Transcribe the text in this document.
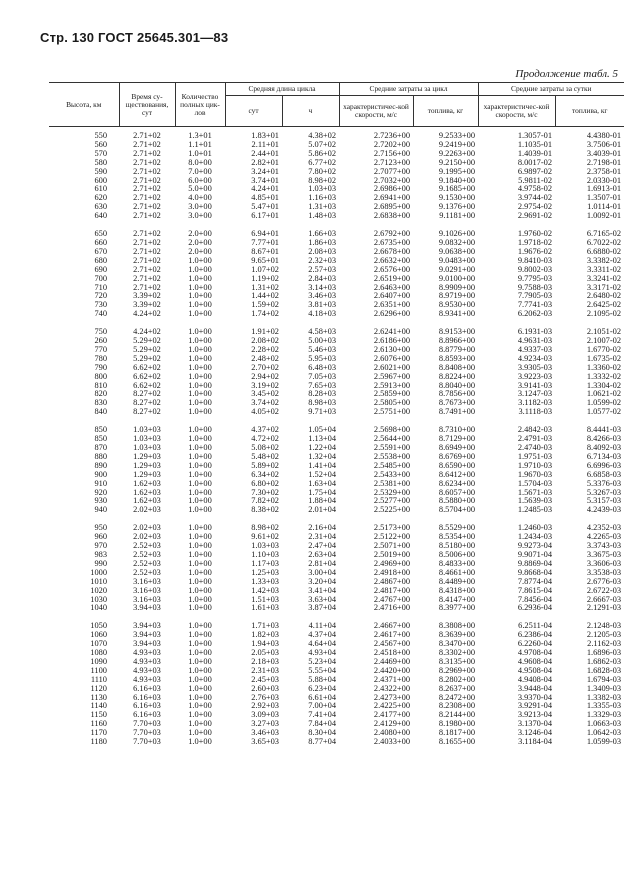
Стр. 130 ГОСТ 25645.301—83
Продолжение табл. 5
Высота, км	Время су-ществования, сут	Количество полных цик-лов	Средняя длина цикла		Средние затраты за цикл		Средние затраты за сутки	
			сут	ч	характеристичес-кой скорости, м/с	топлива, кг	характеристичес-кой скорости, м/с	топлива, кг
550	2.71+02	1.3+01	1.83+01	4.38+02	2.7236+00	9.2533+00	1.3057-01	4.4380-01
560	2.71+02	1.1+01	2.11+01	5.07+02	2.7202+00	9.2419+00	1.1035-01	3.7506-01
570	2.71+02	1.0+01	2.44+01	5.86+02	2.7156+00	9.2263+00	1.4039-01	3.4039-01
580	2.71+02	8.0+00	2.82+01	6.77+02	2.7123+00	9.2150+00	8.0017-02	2.7198-01
590	2.71+02	7.0+00	3.24+01	7.80+02	2.7077+00	9.1995+00	6.9897-02	2.3758-01
600	2.71+02	6.0+00	3.74+01	8.98+02	2.7032+00	9.1840+00	5.9811-02	2.0330-01
610	2.71+02	5.0+00	4.24+01	1.03+03	2.6986+00	9.1685+00	4.9758-02	1.6913-01
620	2.71+02	4.0+00	4.85+01	1.16+03	2.6941+00	9.1530+00	3.9744-02	1.3507-01
630	2.71+02	3.0+00	5.47+01	1.31+03	2.6895+00	9.1376+00	2.9754-02	1.0114-01
640	2.71+02	3.0+00	6.17+01	1.48+03	2.6838+00	9.1181+00	2.9691-02	1.0092-01
650	2.71+02	2.0+00	6.94+01	1.66+03	2.6792+00	9.1026+00	1.9760-02	6.7165-02
660	2.71+02	2.0+00	7.77+01	1.86+03	2.6735+00	9.0832+00	1.9718-02	6.7022-02
670	2.71+02	2.0+00	8.67+01	2.08+03	2.6678+00	9.0638+00	1.9676-02	6.6880-02
680	2.71+02	1.0+00	9.65+01	2.32+03	2.6632+00	9.0483+00	9.8410-03	3.3382-02
690	2.71+02	1.0+00	1.07+02	2.57+03	2.6576+00	9.0291+00	9.8002-03	3.3311-02
700	2.71+02	1.0+00	1.19+02	2.84+03	2.6519+00	9.0100+00	9.7795-03	3.3241-02
710	2.71+02	1.0+00	1.31+02	3.14+03	2.6463+00	8.9909+00	9.7588-03	3.3171-02
720	3.39+02	1.0+00	1.44+02	3.46+03	2.6407+00	8.9719+00	7.7905-03	2.6480-02
730	3.39+02	1.0+00	1.59+02	3.81+03	2.6351+00	8.9530+00	7.7741-03	2.6425-02
740	4.24+02	1.0+00	1.74+02	4.18+03	2.6296+00	8.9341+00	6.2062-03	2.1095-02
750	4.24+02	1.0+00	1.91+02	4.58+03	2.6241+00	8.9153+00	6.1931-03	2.1051-02
260	5.29+02	1.0+00	2.08+02	5.00+03	2.6186+00	8.8966+00	4.9631-03	2.1007-02
770	5.29+02	1.0+00	2.28+02	5.46+03	2.6130+00	8.8779+00	4.9337-03	1.6770-02
780	5.29+02	1.0+00	2.48+02	5.95+03	2.6076+00	8.8593+00	4.9234-03	1.6735-02
790	6.62+02	1.0+00	2.70+02	6.48+03	2.6021+00	8.8408+00	3.9305-03	1.3360-02
800	6.62+02	1.0+00	2.94+02	7.05+03	2.5967+00	8.8224+00	3.9223-03	1.3332-02
810	6.62+02	1.0+00	3.19+02	7.65+03	2.5913+00	8.8040+00	3.9141-03	1.3304-02
820	8.27+02	1.0+00	3.45+02	8.28+03	2.5859+00	8.7856+00	3.1247-03	1.0621-02
830	8.27+02	1.0+00	3.74+02	8.98+03	2.5805+00	8.7673+00	3.1182-03	1.0599-02
840	8.27+02	1.0+00	4.05+02	9.71+03	2.5751+00	8.7491+00	3.1118-03	1.0577-02
850	1.03+03	1.0+00	4.37+02	1.05+04	2.5698+00	8.7310+00	2.4842-03	8.4441-03
850	1.03+03	1.0+00	4.72+02	1.13+04	2.5644+00	8.7129+00	2.4791-03	8.4266-03
870	1.03+03	1.0+00	5.08+02	1.22+04	2.5591+00	8.6949+00	2.4740-03	8.4092-03
880	1.29+03	1.0+00	5.48+02	1.32+04	2.5538+00	8.6769+00	1.9751-03	6.7134-03
890	1.29+03	1.0+00	5.89+02	1.41+04	2.5485+00	8.6590+00	1.9710-03	6.6996-03
900	1.29+03	1.0+00	6.34+02	1.52+04	2.5433+00	8.6412+00	1.9670-03	6.6858-03
910	1.62+03	1.0+00	6.80+02	1.63+04	2.5381+00	8.6234+00	1.5704-03	5.3376-03
920	1.62+03	1.0+00	7.30+02	1.75+04	2.5329+00	8.6057+00	1.5671-03	5.3267-03
930	1.62+03	1.0+00	7.82+02	1.88+04	2.5277+00	8.5880+00	1.5639-03	5.3157-03
940	2.02+03	1.0+00	8.38+02	2.01+04	2.5225+00	8.5704+00	1.2485-03	4.2439-03
950	2.02+03	1.0+00	8.98+02	2.16+04	2.5173+00	8.5529+00	1.2460-03	4.2352-03
960	2.02+03	1.0+00	9.61+02	2.31+04	2.5122+00	8.5354+00	1.2434-03	4.2265-03
970	2.52+03	1.0+00	1.03+03	2.47+04	2.5071+00	8.5180+00	9.9273-04	3.3743-03
983	2.52+03	1.0+00	1.10+03	2.63+04	2.5019+00	8.5006+00	9.9071-04	3.3675-03
990	2.52+03	1.0+00	1.17+03	2.81+04	2.4969+00	8.4833+00	9.8869-04	3.3606-03
1000	2.52+03	1.0+00	1.25+03	3.00+04	2.4918+00	8.4661+00	9.8668-04	3.3538-03
1010	3.16+03	1.0+00	1.33+03	3.20+04	2.4867+00	8.4489+00	7.8774-04	2.6776-03
1020	3.16+03	1.0+00	1.42+03	3.41+04	2.4817+00	8.4318+00	7.8615-04	2.6722-03
1030	3.16+03	1.0+00	1.51+03	3.63+04	2.4767+00	8.4147+00	7.8456-04	2.6667-03
1040	3.94+03	1.0+00	1.61+03	3.87+04	2.4716+00	8.3977+00	6.2936-04	2.1291-03
1050	3.94+03	1.0+00	1.71+03	4.11+04	2.4667+00	8.3808+00	6.2511-04	2.1248-03
1060	3.94+03	1.0+00	1.82+03	4.37+04	2.4617+00	8.3639+00	6.2386-04	2.1205-03
1070	3.94+03	1.0+00	1.94+03	4.64+04	2.4567+00	8.3470+00	6.2260-04	2.1162-03
1080	4.93+03	1.0+00	2.05+03	4.93+04	2.4518+00	8.3302+00	4.9708-04	1.6896-03
1090	4.93+03	1.0+00	2.18+03	5.23+04	2.4469+00	8.3135+00	4.9608-04	1.6862-03
1100	4.93+03	1.0+00	2.31+03	5.55+04	2.4420+00	8.2969+00	4.9508-04	1.6828-03
1110	4.93+03	1.0+00	2.45+03	5.88+04	2.4371+00	8.2802+00	4.9408-04	1.6794-03
1120	6.16+03	1.0+00	2.60+03	6.23+04	2.4322+00	8.2637+00	3.9448-04	1.3409-03
1130	6.16+03	1.0+00	2.76+03	6.61+04	2.4273+00	8.2472+00	3.9370-04	1.3382-03
1140	6.16+03	1.0+00	2.92+03	7.00+04	2.4225+00	8.2308+00	3.9291-04	1.3355-03
1150	6.16+03	1.0+00	3.09+03	7.41+04	2.4177+00	8.2144+00	3.9213-04	1.3329-03
1160	7.70+03	1.0+00	3.27+03	7.84+04	2.4129+00	8.1980+00	3.1370-04	1.0663-03
1170	7.70+03	1.0+00	3.46+03	8.30+04	2.4080+00	8.1817+00	3.1246-04	1.0642-03
1180	7.70+03	1.0+00	3.65+03	8.77+04	2.4033+00	8.1655+00	3.1184-04	1.0599-03
